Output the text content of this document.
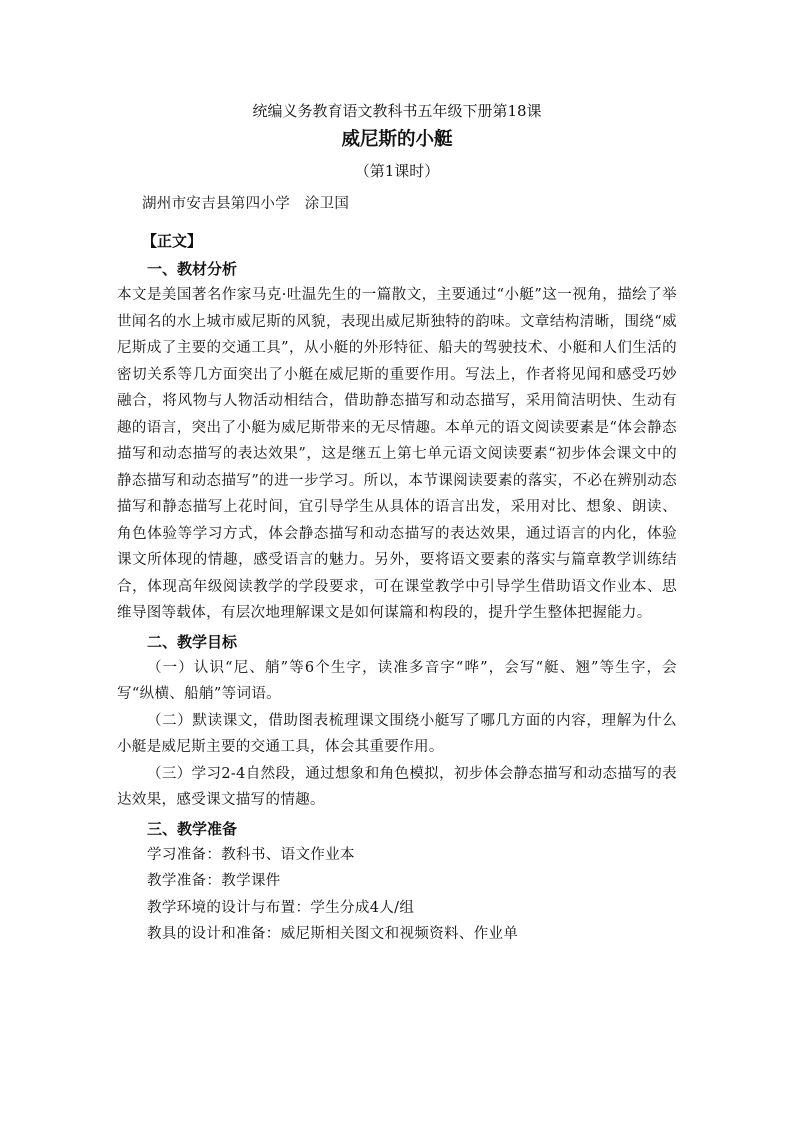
统编义务教育语文教科书五年级下册第18课

威尼斯的小艇

（第1课时）

湖州市安吉县第四小学　涂卫国

【正文】

一、教材分析

本文是美国著名作家马克·吐温先生的一篇散文，主要通过“小艇”这一视角，描绘了举世闻名的水上城市威尼斯的风貌，表现出威尼斯独特的韵味。文章结构清晰，围绕“威尼斯成了主要的交通工具”，从小艇的外形特征、船夫的驾驶技术、小艇和人们生活的密切关系等几方面突出了小艇在威尼斯的重要作用。写法上，作者将见闻和感受巧妙融合，将风物与人物活动相结合，借助静态描写和动态描写，采用简洁明快、生动有趣的语言，突出了小艇为威尼斯带来的无尽情趣。本单元的语文阅读要素是“体会静态描写和动态描写的表达效果”，这是继五上第七单元语文阅读要素“初步体会课文中的静态描写和动态描写”的进一步学习。所以，本节课阅读要素的落实，不必在辨别动态描写和静态描写上花时间，宜引导学生从具体的语言出发，采用对比、想象、朗读、角色体验等学习方式，体会静态描写和动态描写的表达效果，通过语言的内化，体验课文所体现的情趣，感受语言的魅力。另外，要将语文要素的落实与篇章教学训练结合，体现高年级阅读教学的学段要求，可在课堂教学中引导学生借助语文作业本、思维导图等载体，有层次地理解课文是如何谋篇和构段的，提升学生整体把握能力。

二、教学目标

（一）认识“尼、艄”等6个生字，读准多音字“哗”，会写“艇、翘”等生字，会写“纵横、船艄”等词语。

（二）默读课文，借助图表梳理课文围绕小艇写了哪几方面的内容，理解为什么小艇是威尼斯主要的交通工具，体会其重要作用。

（三）学习2-4自然段，通过想象和角色模拟，初步体会静态描写和动态描写的表达效果，感受课文描写的情趣。

三、教学准备

学习准备：教科书、语文作业本

教学准备：教学课件

教学环境的设计与布置：学生分成4人/组

教具的设计和准备：威尼斯相关图文和视频资料、作业单
